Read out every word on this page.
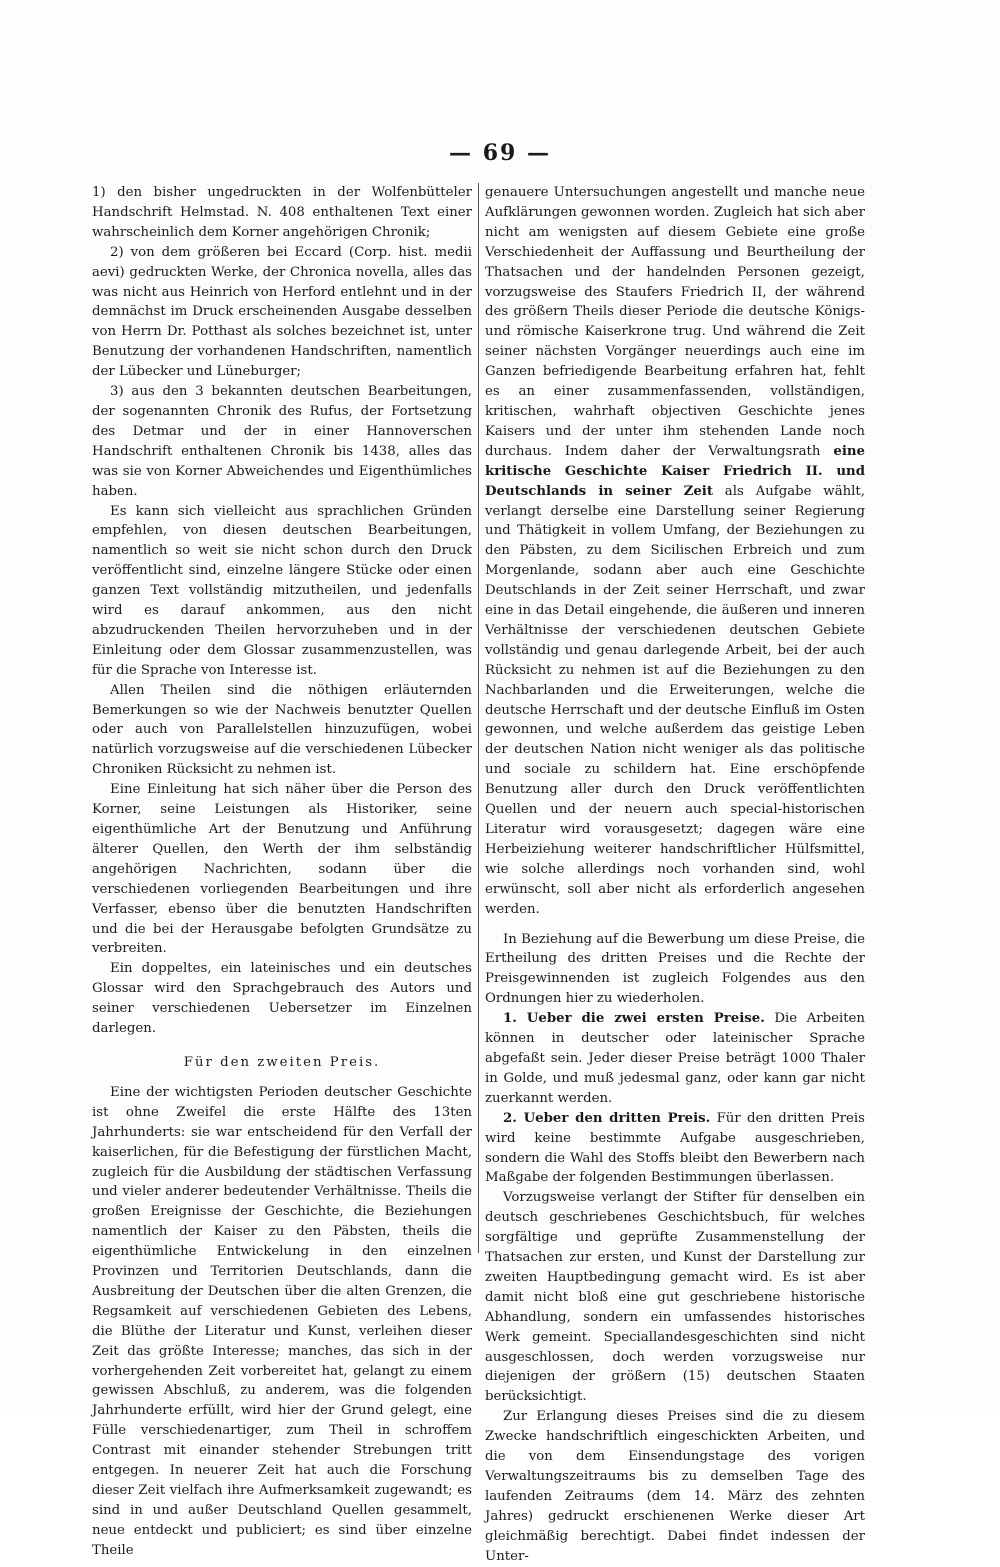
— 69 —

1) den bisher ungedruckten in der Wolfenbütteler Handschrift Helmstad. N. 408 enthaltenen Text einer wahrscheinlich dem Korner angehörigen Chronik;

2) von dem größeren bei Eccard (Corp. hist. medii aevi) gedruckten Werke, der Chronica novella, alles das was nicht aus Heinrich von Herford entlehnt und in der demnächst im Druck erscheinenden Ausgabe desselben von Herrn Dr. Potthast als solches bezeichnet ist, unter Benutzung der vorhandenen Handschriften, namentlich der Lübecker und Lüneburger;

3) aus den 3 bekannten deutschen Bearbeitungen, der sogenannten Chronik des Rufus, der Fortsetzung des Detmar und der in einer Hannoverschen Handschrift enthaltenen Chronik bis 1438, alles das was sie von Korner Abweichendes und Eigenthümliches haben.

Es kann sich vielleicht aus sprachlichen Gründen empfehlen, von diesen deutschen Bearbeitungen, namentlich so weit sie nicht schon durch den Druck veröffentlicht sind, einzelne längere Stücke oder einen ganzen Text vollständig mitzutheilen, und jedenfalls wird es darauf ankommen, aus den nicht abzudruckenden Theilen hervorzuheben und in der Einleitung oder dem Glossar zusammenzustellen, was für die Sprache von Interesse ist.

Allen Theilen sind die nöthigen erläuternden Bemerkungen so wie der Nachweis benutzter Quellen oder auch von Parallelstellen hinzuzufügen, wobei natürlich vorzugsweise auf die verschiedenen Lübecker Chroniken Rücksicht zu nehmen ist.

Eine Einleitung hat sich näher über die Person des Korner, seine Leistungen als Historiker, seine eigenthümliche Art der Benutzung und Anführung älterer Quellen, den Werth der ihm selbständig angehörigen Nachrichten, sodann über die verschiedenen vorliegenden Bearbeitungen und ihre Verfasser, ebenso über die benutzten Handschriften und die bei der Herausgabe befolgten Grundsätze zu verbreiten.

Ein doppeltes, ein lateinisches und ein deutsches Glossar wird den Sprachgebrauch des Autors und seiner verschiedenen Uebersetzer im Einzelnen darlegen.

Für den zweiten Preis.

Eine der wichtigsten Perioden deutscher Geschichte ist ohne Zweifel die erste Hälfte des 13ten Jahrhunderts: sie war entscheidend für den Verfall der kaiserlichen, für die Befestigung der fürstlichen Macht, zugleich für die Ausbildung der städtischen Verfassung und vieler anderer bedeutender Verhältnisse. Theils die großen Ereignisse der Geschichte, die Beziehungen namentlich der Kaiser zu den Päbsten, theils die eigenthümliche Entwickelung in den einzelnen Provinzen und Territorien Deutschlands, dann die Ausbreitung der Deutschen über die alten Grenzen, die Regsamkeit auf verschiedenen Gebieten des Lebens, die Blüthe der Literatur und Kunst, verleihen dieser Zeit das größte Interesse; manches, das sich in der vorhergehenden Zeit vorbereitet hat, gelangt zu einem gewissen Abschluß, zu anderem, was die folgenden Jahrhunderte erfüllt, wird hier der Grund gelegt, eine Fülle verschiedenartiger, zum Theil in schroffem Contrast mit einander stehender Strebungen tritt entgegen. In neuerer Zeit hat auch die Forschung dieser Zeit vielfach ihre Aufmerksamkeit zugewandt; es sind in und außer Deutschland Quellen gesammelt, neue entdeckt und publiciert; es sind über einzelne Theile

genauere Untersuchungen angestellt und manche neue Aufklärungen gewonnen worden. Zugleich hat sich aber nicht am wenigsten auf diesem Gebiete eine große Verschiedenheit der Auffassung und Beurtheilung der Thatsachen und der handelnden Personen gezeigt, vorzugsweise des Staufers Friedrich II, der während des größern Theils dieser Periode die deutsche Königs- und römische Kaiserkrone trug. Und während die Zeit seiner nächsten Vorgänger neuerdings auch eine im Ganzen befriedigende Bearbeitung erfahren hat, fehlt es an einer zusammenfassenden, vollständigen, kritischen, wahrhaft objectiven Geschichte jenes Kaisers und der unter ihm stehenden Lande noch durchaus. Indem daher der Verwaltungsrath eine kritische Geschichte Kaiser Friedrich II. und Deutschlands in seiner Zeit als Aufgabe wählt, verlangt derselbe eine Darstellung seiner Regierung und Thätigkeit in vollem Umfang, der Beziehungen zu den Päbsten, zu dem Sicilischen Erbreich und zum Morgenlande, sodann aber auch eine Geschichte Deutschlands in der Zeit seiner Herrschaft, und zwar eine in das Detail eingehende, die äußeren und inneren Verhältnisse der verschiedenen deutschen Gebiete vollständig und genau darlegende Arbeit, bei der auch Rücksicht zu nehmen ist auf die Beziehungen zu den Nachbarlanden und die Erweiterungen, welche die deutsche Herrschaft und der deutsche Einfluß im Osten gewonnen, und welche außerdem das geistige Leben der deutschen Nation nicht weniger als das politische und sociale zu schildern hat. Eine erschöpfende Benutzung aller durch den Druck veröffentlichten Quellen und der neuern auch special-historischen Literatur wird vorausgesetzt; dagegen wäre eine Herbeiziehung weiterer handschriftlicher Hülfsmittel, wie solche allerdings noch vorhanden sind, wohl erwünscht, soll aber nicht als erforderlich angesehen werden.

In Beziehung auf die Bewerbung um diese Preise, die Ertheilung des dritten Preises und die Rechte der Preisgewinnenden ist zugleich Folgendes aus den Ordnungen hier zu wiederholen.

1. Ueber die zwei ersten Preise. Die Arbeiten können in deutscher oder lateinischer Sprache abgefaßt sein. Jeder dieser Preise beträgt 1000 Thaler in Golde, und muß jedesmal ganz, oder kann gar nicht zuerkannt werden.

2. Ueber den dritten Preis. Für den dritten Preis wird keine bestimmte Aufgabe ausgeschrieben, sondern die Wahl des Stoffs bleibt den Bewerbern nach Maßgabe der folgenden Bestimmungen überlassen.

Vorzugsweise verlangt der Stifter für denselben ein deutsch geschriebenes Geschichtsbuch, für welches sorgfältige und geprüfte Zusammenstellung der Thatsachen zur ersten, und Kunst der Darstellung zur zweiten Hauptbedingung gemacht wird. Es ist aber damit nicht bloß eine gut geschriebene historische Abhandlung, sondern ein umfassendes historisches Werk gemeint. Speciallandesgeschichten sind nicht ausgeschlossen, doch werden vorzugsweise nur diejenigen der größern (15) deutschen Staaten berücksichtigt.

Zur Erlangung dieses Preises sind die zu diesem Zwecke handschriftlich eingeschickten Arbeiten, und die von dem Einsendungstage des vorigen Verwaltungszeitraums bis zu demselben Tage des laufenden Zeitraums (dem 14. März des zehnten Jahres) gedruckt erschienenen Werke dieser Art gleichmäßig berechtigt. Dabei findet indessen der Unter-
